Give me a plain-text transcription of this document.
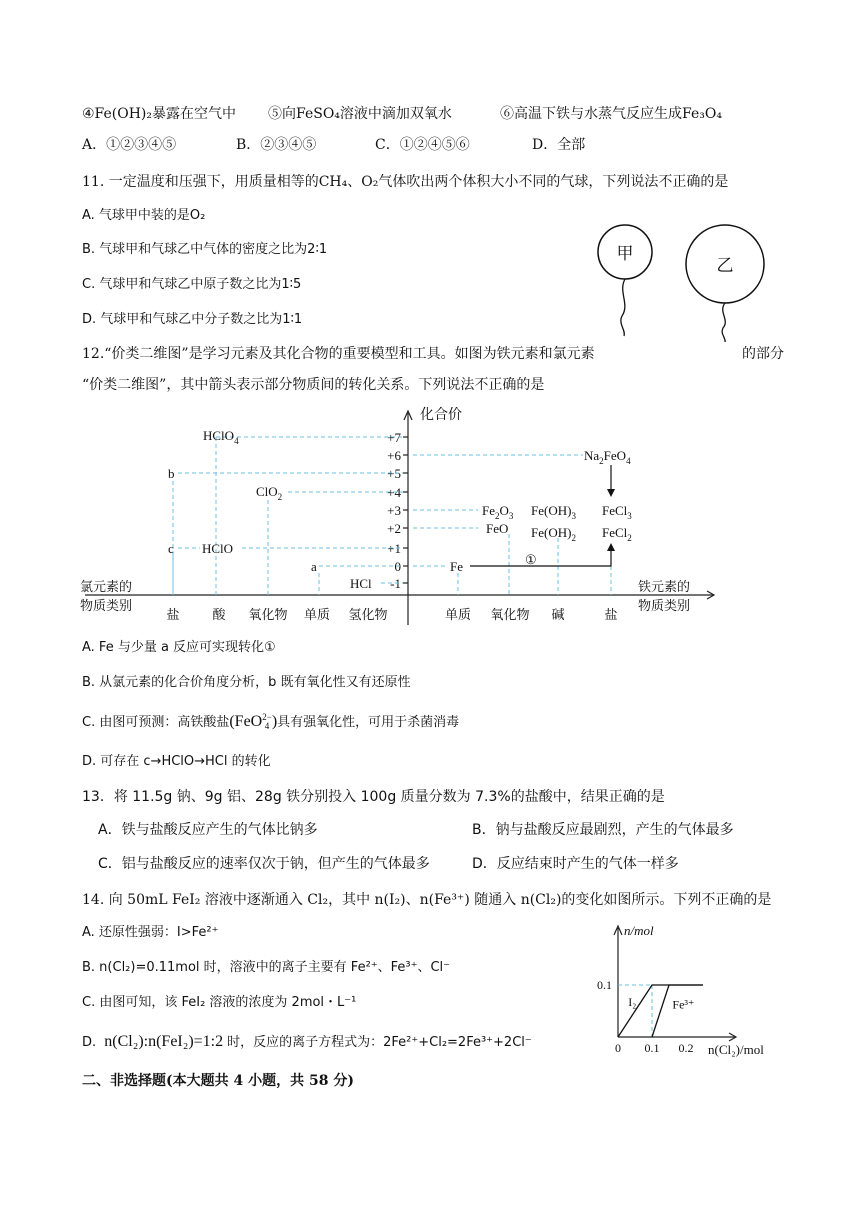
④Fe(OH)₂暴露在空气中 ⑤向FeSO₄溶液中滴加双氧水	⑥高温下铁与水蒸气反应生成Fe₃O₄
A．①②③④⑤	B．②③④⑤	C．①②④⑤⑥	D．全部
11. 一定温度和压强下，用质量相等的CH₄、O₂气体吹出两个体积大小不同的气球，下列说法不正确的是
A. 气球甲中装的是O₂
B. 气球甲和气球乙中气体的密度之比为2∶1
C. 气球甲和气球乙中原子数之比为1∶5
D. 气球甲和气球乙中分子数之比为1∶1
甲
乙
12.“价类二维图”是学习元素及其化合物的重要模型和工具。如图为铁元素和氯元素	的部分
“价类二维图”，其中箭头表示部分物质间的转化关系。下列说法不正确的是
化合价
+7
+6
+5
+4
+3
+2
+1
0
-1
HClO$_4$
b
ClO$_2$
c HClO
a
HCl
$Na_2FeO_4$
$Fe_2O_3$
FeO
$Fe(OH)_3$
$Fe(OH)_2$
FeCl$_3$
FeCl$_2$
Fe	①
氯元素的
物质类别
铁元素的
物质类别
盐	酸 氧化物 单质 氢化物	单质 氧化物 碱	盐
A. Fe 与少量 a 反应可实现转化①
B. 从氯元素的化合价角度分析，b 既有氧化性又有还原性
C. 由图可预测：高铁酸盐(FeO 2−
4 )具有强氧化性，可用于杀菌消毒
D. 可存在 c→HClO→HCl 的转化
13．将 11.5g 钠、9g 铝、28g 铁分别投入 100g 质量分数为 7.3%的盐酸中，结果正确的是
A．铁与盐酸反应产生的气体比钠多	B．钠与盐酸反应最剧烈，产生的气体最多
C．铝与盐酸反应的速率仅次于钠，但产生的气体最多	D．反应结束时产生的气体一样多
14. 向 50mL FeI₂ 溶液中逐渐通入 Cl₂，其中 n(I₂)、n(Fe³⁺) 随通入 n(Cl₂)的变化如图所示。下列不正确的是
A. 还原性强弱：I>Fe²⁺
B. n(Cl₂)=0.11mol 时，溶液中的离子主要有 Fe²⁺、Fe³⁺、Cl⁻
C. 由图可知，该 FeI₂ 溶液的浓度为 2mol・L⁻¹
D. n(Cl₂):n(FeI₂)=1:2 时，反应的离子方程式为：2Fe²⁺+Cl₂=2Fe³⁺+2Cl⁻
n/mol
n(Cl₂)/mol
I₂	Fe³⁺
0 0.1 0.2
0.1
二、非选择题(本大题共 4 小题，共 58 分)
